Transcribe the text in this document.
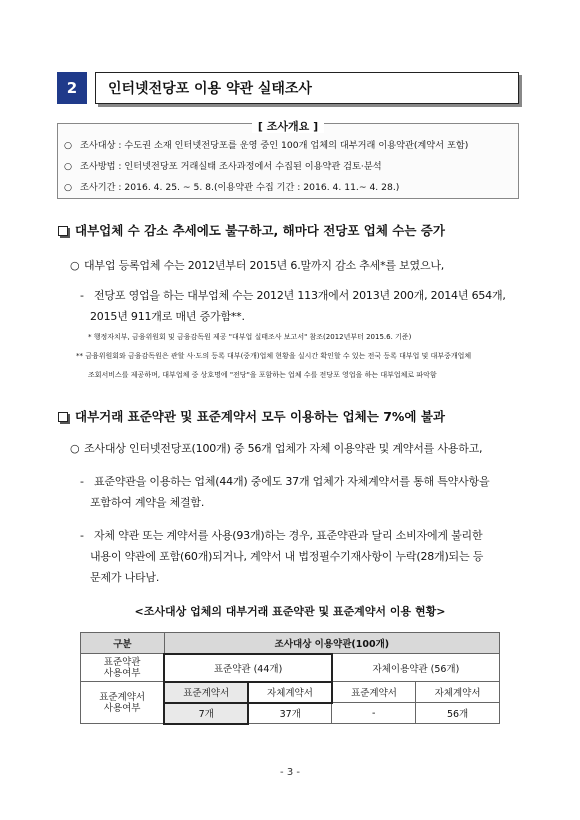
2	인터넷전당포 이용 약관 실태조사
[ 조사개요 ]
○ 조사대상 : 수도권 소재 인터넷전당포를 운영 중인 100개 업체의 대부거래 이용약관(계약서 포함)
○ 조사방법 : 인터넷전당포 거래실태 조사과정에서 수집된 이용약관 검토·분석
○ 조사기간 : 2016. 4. 25. ~ 5. 8.(이용약관 수집 기간 : 2016. 4. 11.~ 4. 28.)
대부업체 수 감소 추세에도 불구하고, 해마다 전당포 업체 수는 증가
○ 대부업 등록업체 수는 2012년부터 2015년 6.말까지 감소 추세*를 보였으나,
- 전당포 영업을 하는 대부업체 수는 2012년 113개에서 2013년 200개, 2014년 654개,
2015년 911개로 매년 증가함**.
* 행정자치부, 금융위원회 및 금융감독원 제공 "대부업 실태조사 보고서" 참조(2012년부터 2015.6. 기준)
** 금융위원회와 금융감독원은 관할 사·도의 등록 대부(중개)업체 현황을 실시간 확인할 수 있는 전국 등록 대부업 및 대부중개업체
조회서비스를 제공하며, 대부업체 중 상호명에 "전당"을 포함하는 업체 수를 전당포 영업을 하는 대부업체로 파악함
대부거래 표준약관 및 표준계약서 모두 이용하는 업체는 7%에 불과
○ 조사대상 인터넷전당포(100개) 중 56개 업체가 자체 이용약관 및 계약서를 사용하고,
- 표준약관을 이용하는 업체(44개) 중에도 37개 업체가 자체계약서를 통해 특약사항을
포함하여 계약을 체결함.
- 자체 약관 또는 계약서를 사용(93개)하는 경우, 표준약관과 달리 소비자에게 불리한
내용이 약관에 포함(60개)되거나, 계약서 내 법정필수기재사항이 누락(28개)되는 등
문제가 나타남.
<조사대상 업체의 대부거래 표준약관 및 표준계약서 이용 현황>
구분	조사대상 이용약관(100개)			
표준약관
사용여부	표준약관 (44개)		자체이용약관 (56개)	
표준계약서
사용여부	표준계약서	자체계약서	표준계약서	자체계약서
	7개	37개	-	56개
- 3 -
